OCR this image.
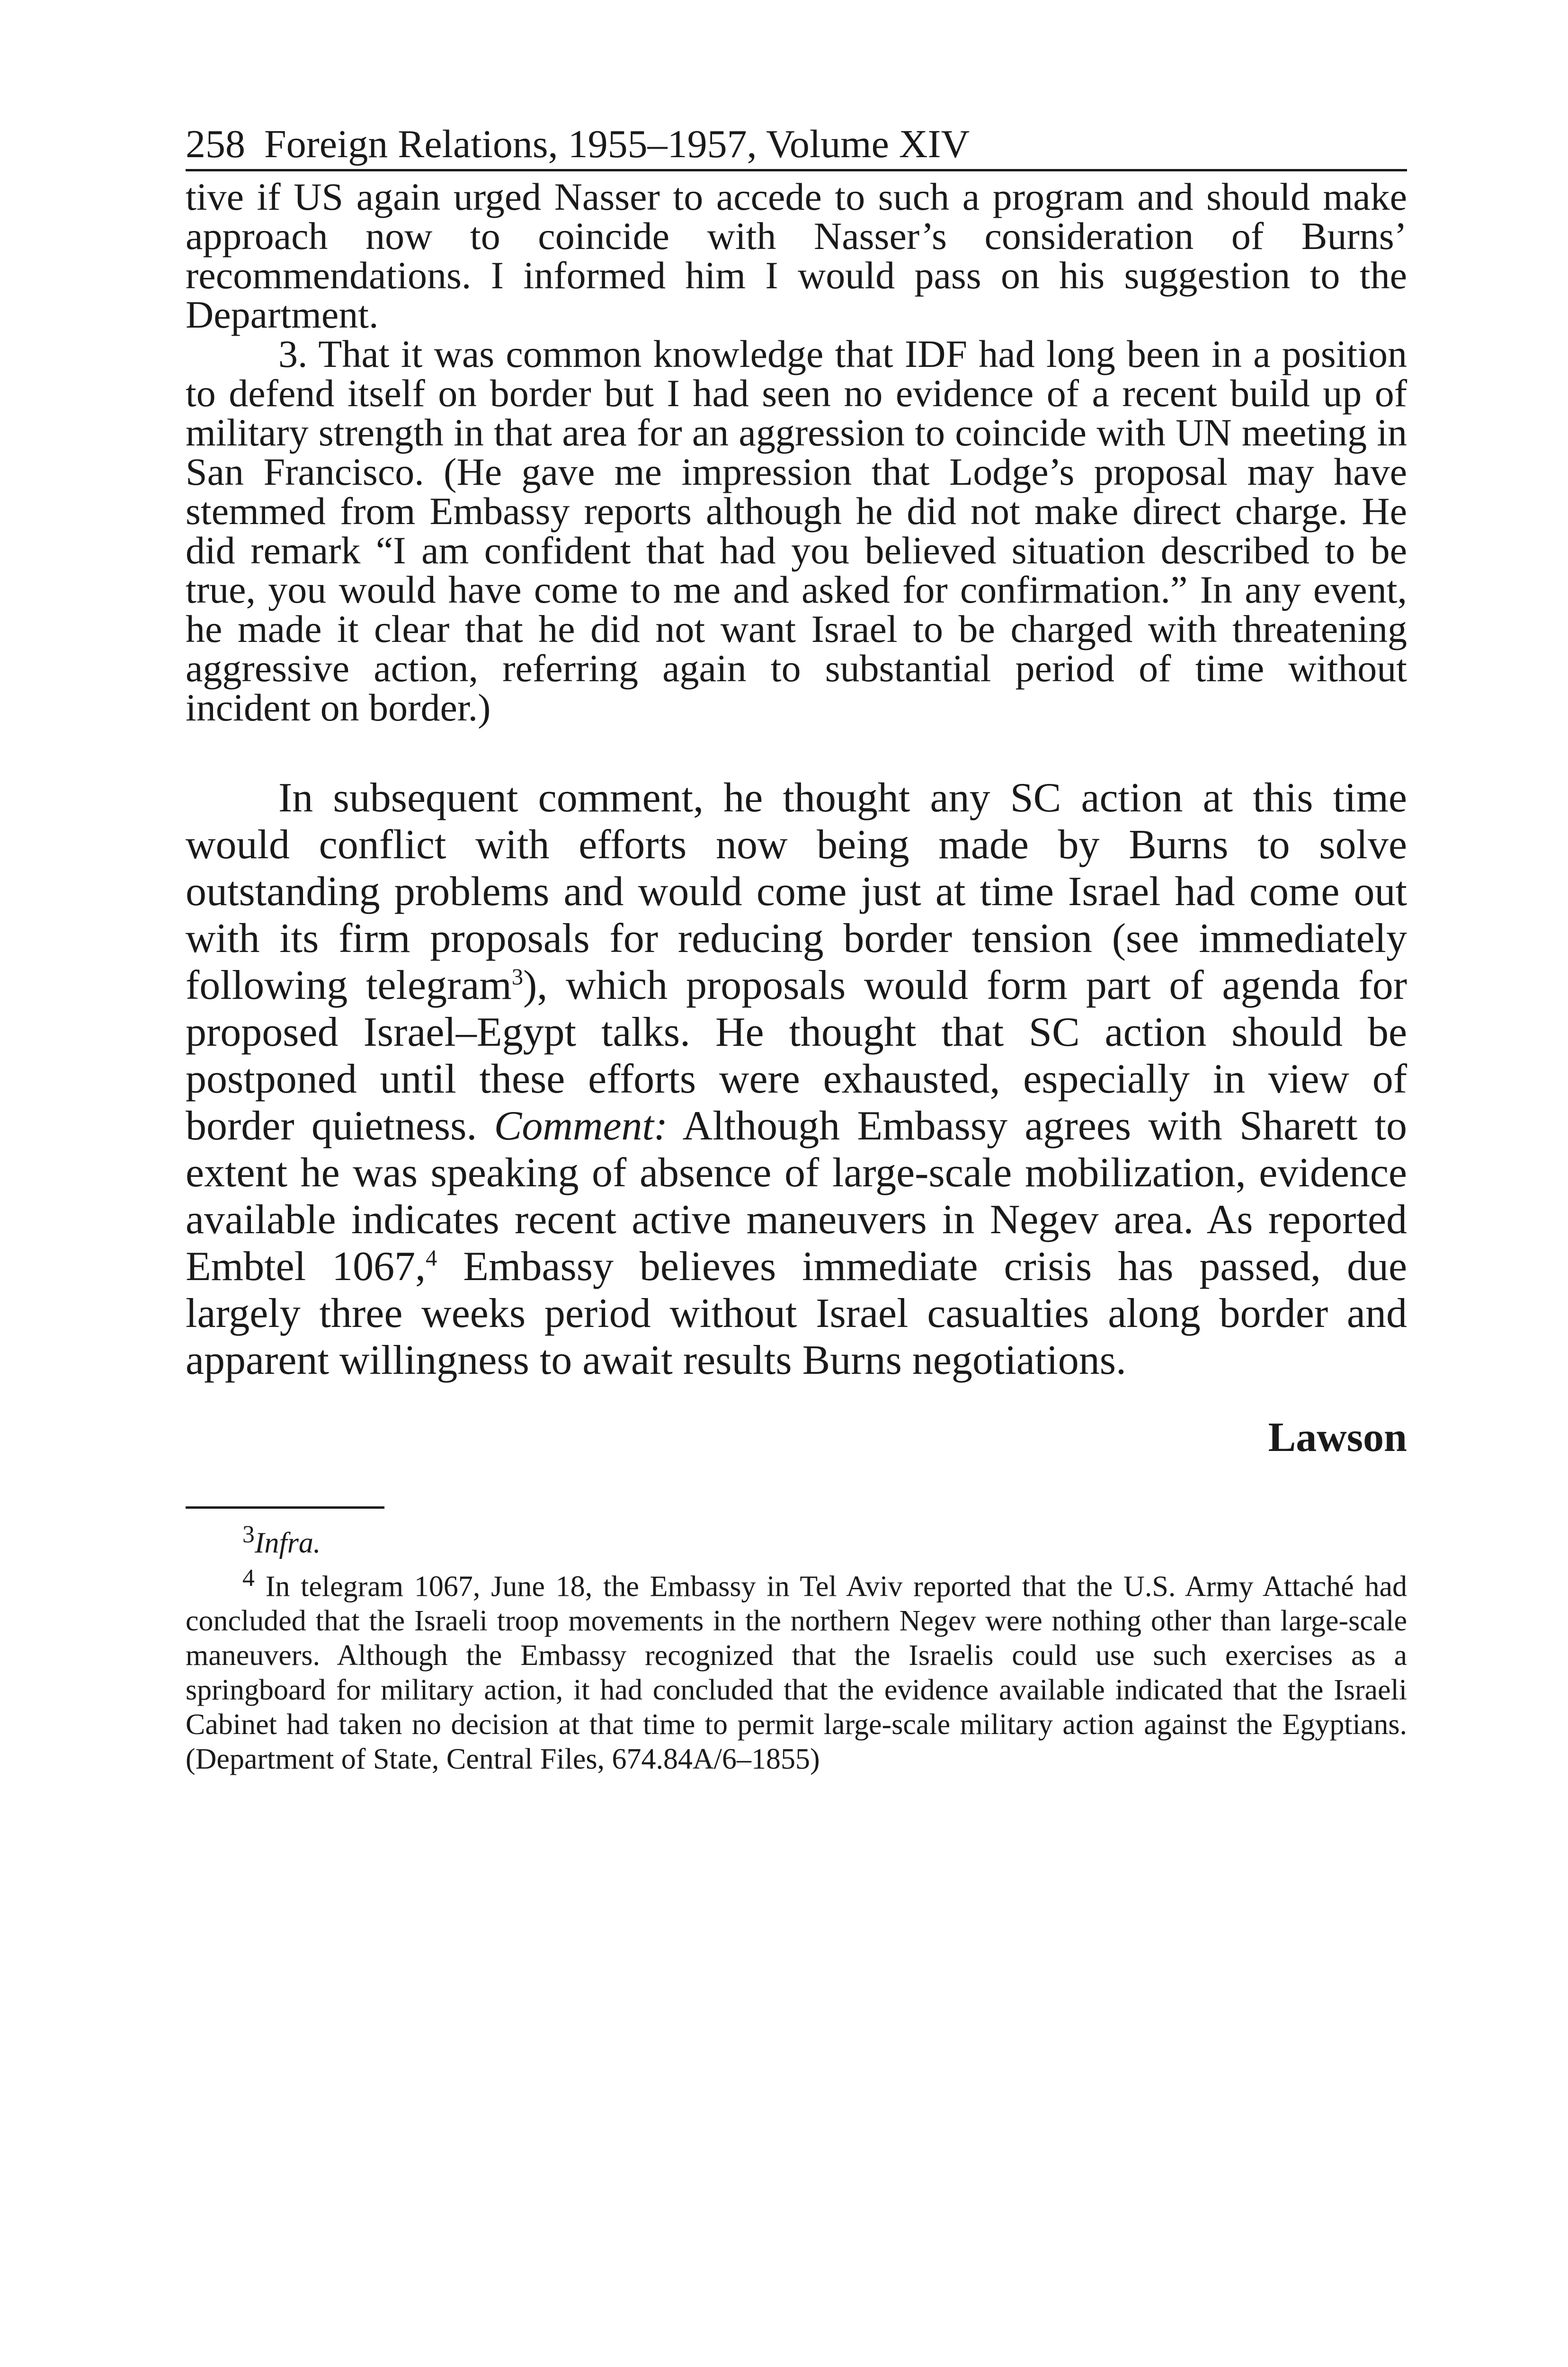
258 Foreign Relations, 1955–1957, Volume XIV

tive if US again urged Nasser to accede to such a program and should make approach now to coincide with Nasser’s consideration of Burns’ recommendations. I informed him I would pass on his suggestion to the Department.

3. That it was common knowledge that IDF had long been in a position to defend itself on border but I had seen no evidence of a recent build up of military strength in that area for an aggression to coincide with UN meeting in San Francisco. (He gave me impression that Lodge’s proposal may have stemmed from Embassy reports although he did not make direct charge. He did remark “I am confident that had you believed situation described to be true, you would have come to me and asked for confirmation.” In any event, he made it clear that he did not want Israel to be charged with threatening aggressive action, referring again to substantial period of time without incident on border.)

In subsequent comment, he thought any SC action at this time would conflict with efforts now being made by Burns to solve outstanding problems and would come just at time Israel had come out with its firm proposals for reducing border tension (see immediately following telegram$^3$), which proposals would form part of agenda for proposed Israel–Egypt talks. He thought that SC action should be postponed until these efforts were exhausted, especially in view of border quietness. Comment: Although Embassy agrees with Sharett to extent he was speaking of absence of large-scale mobilization, evidence available indicates recent active maneuvers in Negev area. As reported Embtel 1067,$^4$ Embassy believes immediate crisis has passed, due largely three weeks period without Israel casualties along border and apparent willingness to await results Burns negotiations.

Lawson

$^3$Infra.

$^4$ In telegram 1067, June 18, the Embassy in Tel Aviv reported that the U.S. Army Attaché had concluded that the Israeli troop movements in the northern Negev were nothing other than large-scale maneuvers. Although the Embassy recognized that the Israelis could use such exercises as a springboard for military action, it had concluded that the evidence available indicated that the Israeli Cabinet had taken no decision at that time to permit large-scale military action against the Egyptians. (Department of State, Central Files, 674.84A/6–1855)
